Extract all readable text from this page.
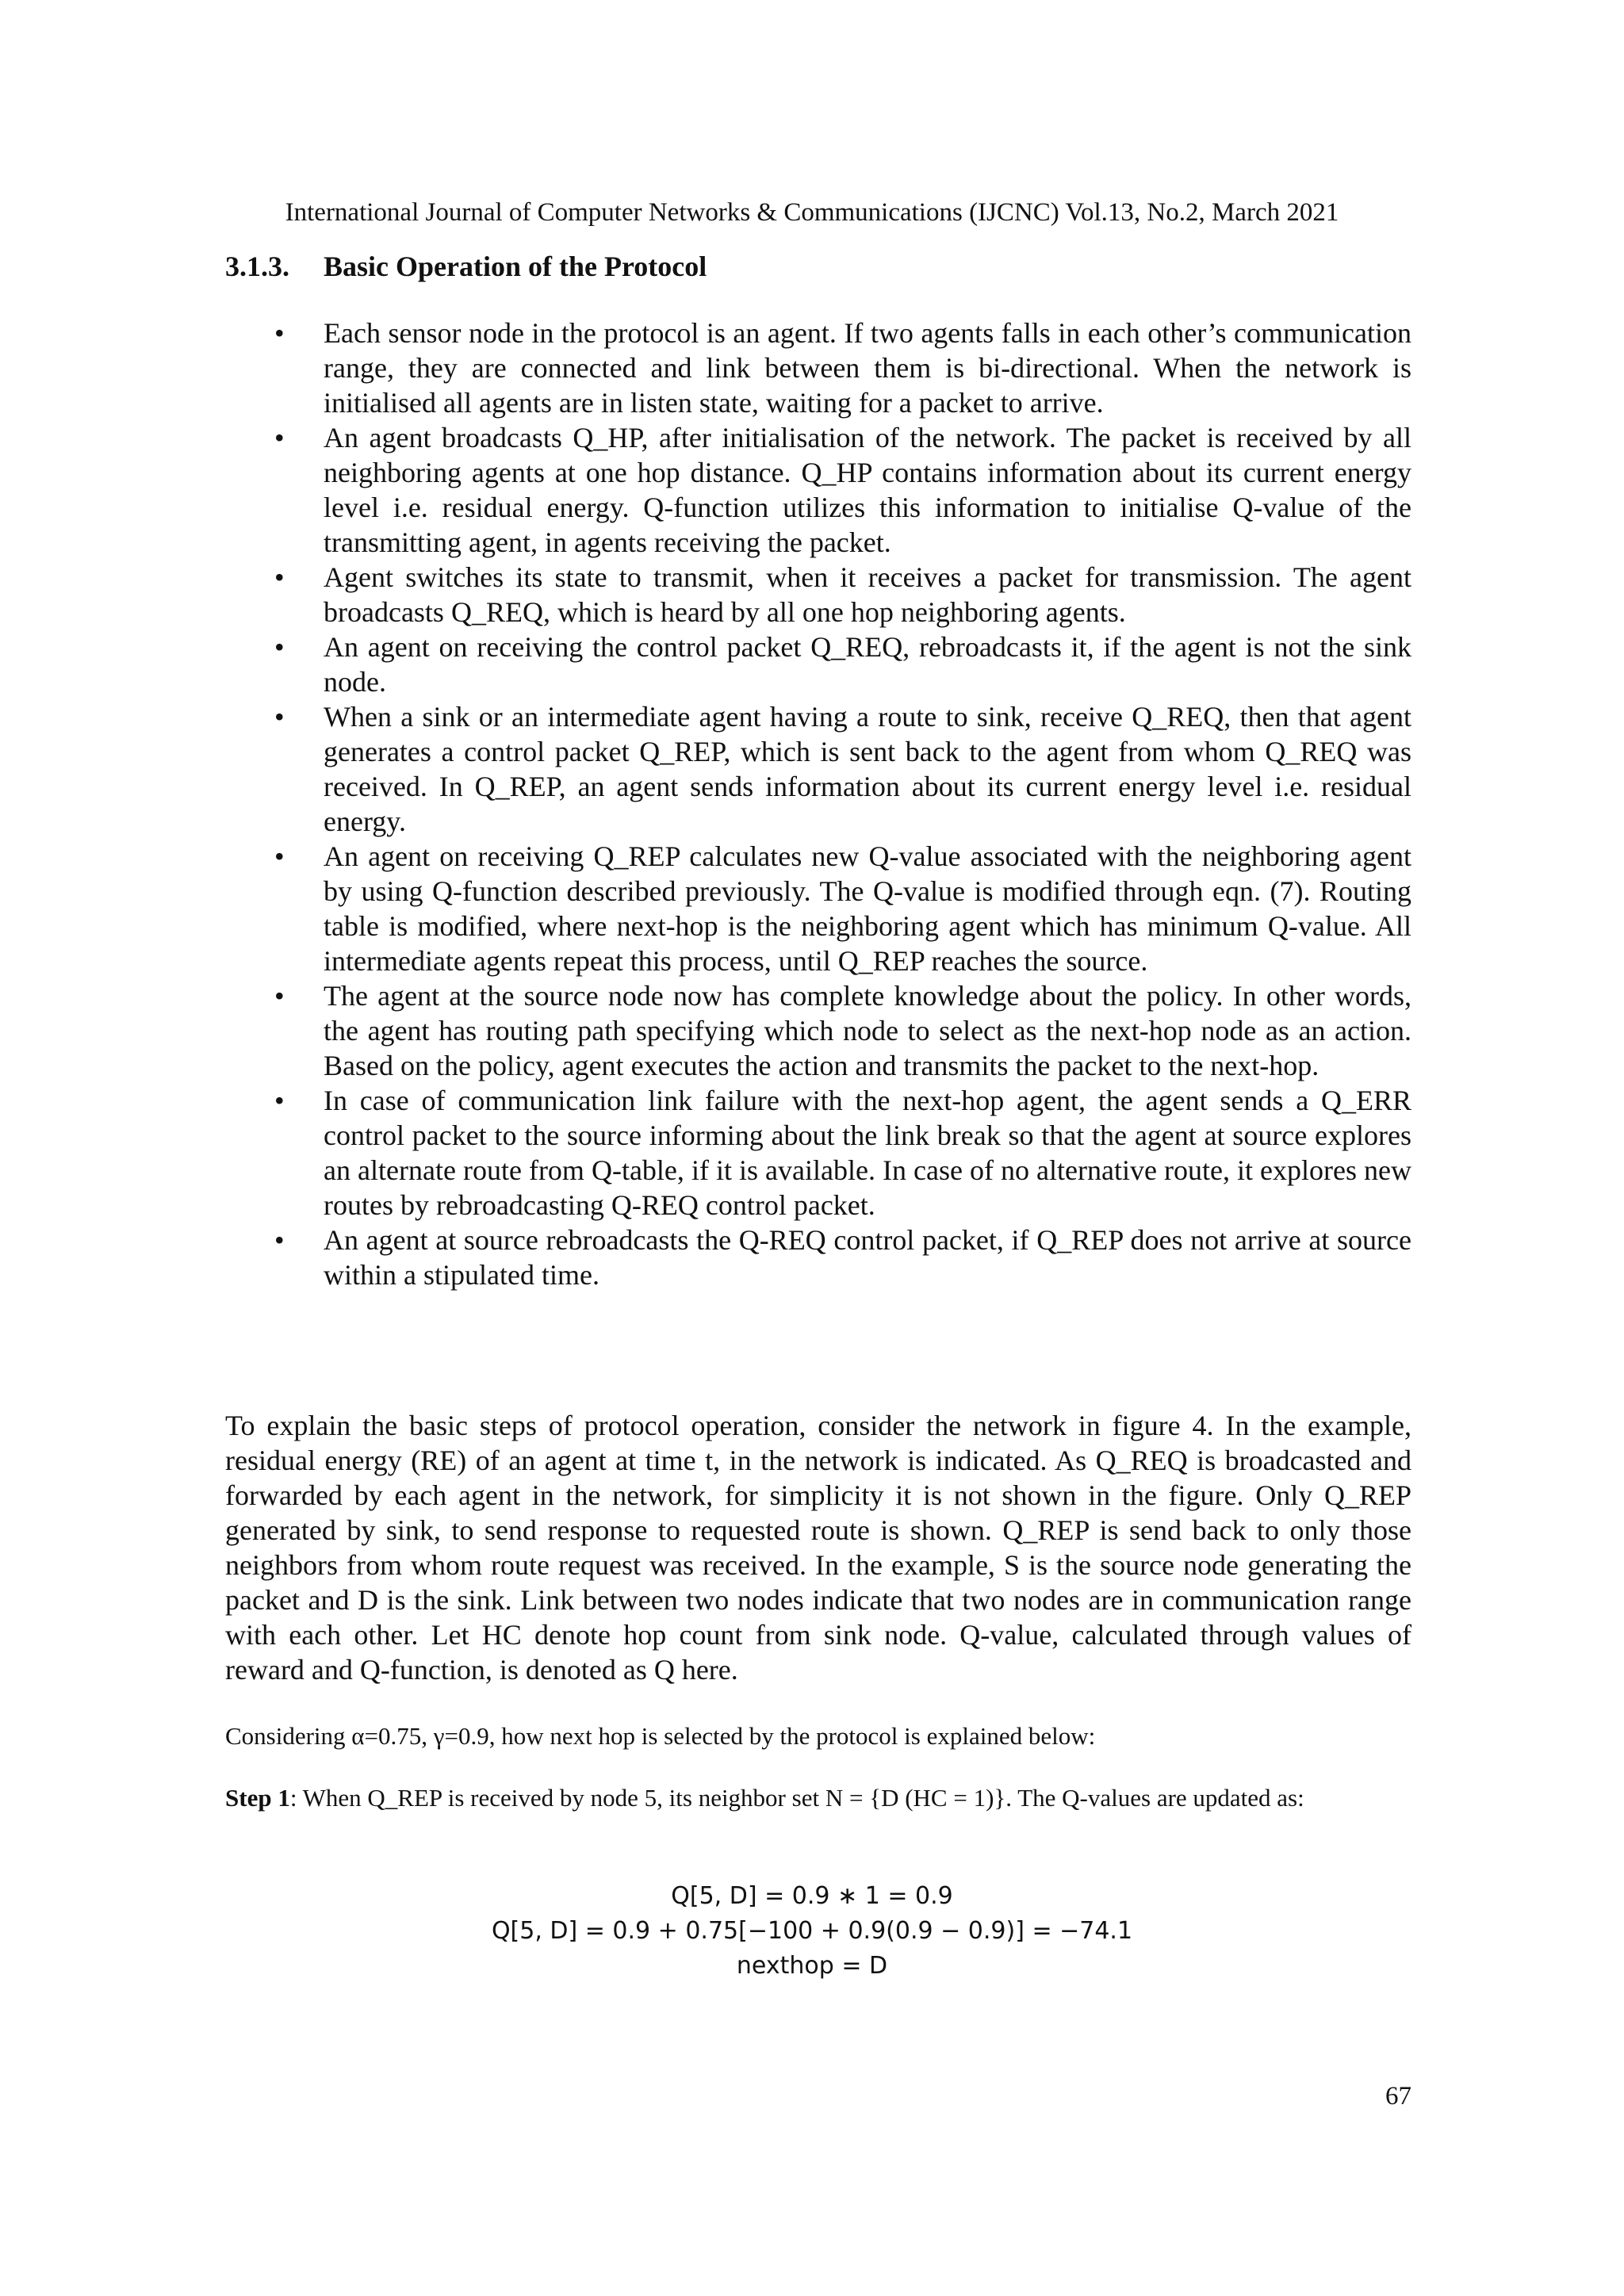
International Journal of Computer Networks & Communications (IJCNC) Vol.13, No.2, March 2021
3.1.3. Basic Operation of the Protocol
• Each sensor node in the protocol is an agent. If two agents falls in each other’s communication range, they are connected and link between them is bi-directional. When the network is initialised all agents are in listen state, waiting for a packet to arrive.
• An agent broadcasts Q_HP, after initialisation of the network. The packet is received by all neighboring agents at one hop distance. Q_HP contains information about its current energy level i.e. residual energy. Q-function utilizes this information to initialise Q-value of the transmitting agent, in agents receiving the packet.
• Agent switches its state to transmit, when it receives a packet for transmission. The agent broadcasts Q_REQ, which is heard by all one hop neighboring agents.
• An agent on receiving the control packet Q_REQ, rebroadcasts it, if the agent is not the sink node.
• When a sink or an intermediate agent having a route to sink, receive Q_REQ, then that agent generates a control packet Q_REP, which is sent back to the agent from whom Q_REQ was received. In Q_REP, an agent sends information about its current energy level i.e. residual energy.
• An agent on receiving Q_REP calculates new Q-value associated with the neighboring agent by using Q-function described previously. The Q-value is modified through eqn. (7). Routing table is modified, where next-hop is the neighboring agent which has minimum Q-value. All intermediate agents repeat this process, until Q_REP reaches the source.
• The agent at the source node now has complete knowledge about the policy. In other words, the agent has routing path specifying which node to select as the next-hop node as an action. Based on the policy, agent executes the action and transmits the packet to the next-hop.
• In case of communication link failure with the next-hop agent, the agent sends a Q_ERR control packet to the source informing about the link break so that the agent at source explores an alternate route from Q-table, if it is available. In case of no alternative route, it explores new routes by rebroadcasting Q-REQ control packet.
• An agent at source rebroadcasts the Q-REQ control packet, if Q_REP does not arrive at source within a stipulated time.

To explain the basic steps of protocol operation, consider the network in figure 4. In the example, residual energy (RE) of an agent at time t, in the network is indicated. As Q_REQ is broadcasted and forwarded by each agent in the network, for simplicity it is not shown in the figure. Only Q_REP generated by sink, to send response to requested route is shown. Q_REP is send back to only those neighbors from whom route request was received. In the example, S is the source node generating the packet and D is the sink. Link between two nodes indicate that two nodes are in communication range with each other. Let HC denote hop count from sink node. Q-value, calculated through values of reward and Q-function, is denoted as Q here.

Considering α=0.75, γ=0.9, how next hop is selected by the protocol is explained below:

Step 1: When Q_REP is received by node 5, its neighbor set N = {D (HC = 1)}. The Q-values are updated as:

Q[5, D] = 0.9 ∗ 1 = 0.9
Q[5, D] = 0.9 + 0.75[−100 + 0.9(0.9 − 0.9)] = −74.1
nexthop = D
67
